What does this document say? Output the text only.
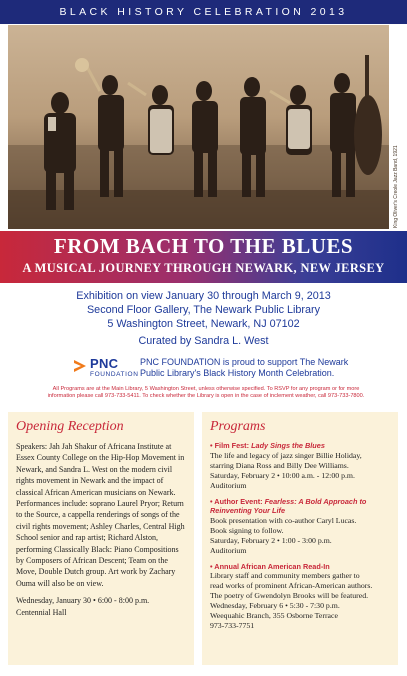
BLACK HISTORY CELEBRATION 2013
King Oliver's Creole Jazz Band, 1921
FROM BACH TO THE BLUES
A MUSICAL JOURNEY THROUGH NEWARK, NEW JERSEY
Exhibition on view January 30 through March 9, 2013
Second Floor Gallery, The Newark Public Library
5 Washington Street, Newark, NJ 07102
Curated by Sandra L. West
PNC
FOUNDATION
PNC FOUNDATION is proud to support The Newark
Public Library's Black History Month Celebration.
All Programs are at the Main Library, 5 Washington Street, unless otherwise specified. To RSVP for any program or for more
information please call 973-733-5411. To check whether the Library is open in the case of inclement weather, call 973-733-7800.
Opening Reception
Speakers: Jah Jah Shakur of Africana Institute at Essex County College on the Hip-Hop Movement in Newark, and Sandra L. West on the modern civil rights movement in Newark and the impact of classical African American musicians on Newark. Performances include: soprano Laurel Pryor; Return to the Source, a cappella renderings of songs of the civil rights movement; Ashley Charles, Central High School senior and rap artist; Richard Alston, performing Classically Black: Piano Compositions by Composers of African Descent; Team on the Move, Double Dutch group. Art work by Zachary Ouma will also be on view.
Wednesday, January 30 • 6:00 - 8:00 p.m.
Centennial Hall
Programs
• Film Fest: Lady Sings the Blues
The life and legacy of jazz singer Billie Holiday,
starring Diana Ross and Billy Dee Williams.
Saturday, February 2 • 10:00 a.m. - 12:00 p.m.
Auditorium
• Author Event: Fearless: A Bold Approach to
Reinventing Your Life
Book presentation with co-author Caryl Lucas.
Book signing to follow.
Saturday, February 2 • 1:00 - 3:00 p.m.
Auditorium
• Annual African American Read-In
Library staff and community members gather to
read works of prominent African-American authors.
The poetry of Gwendolyn Brooks will be featured.
Wednesday, February 6 • 5:30 - 7:30 p.m.
Weequahic Branch, 355 Osborne Terrace
973-733-7751
